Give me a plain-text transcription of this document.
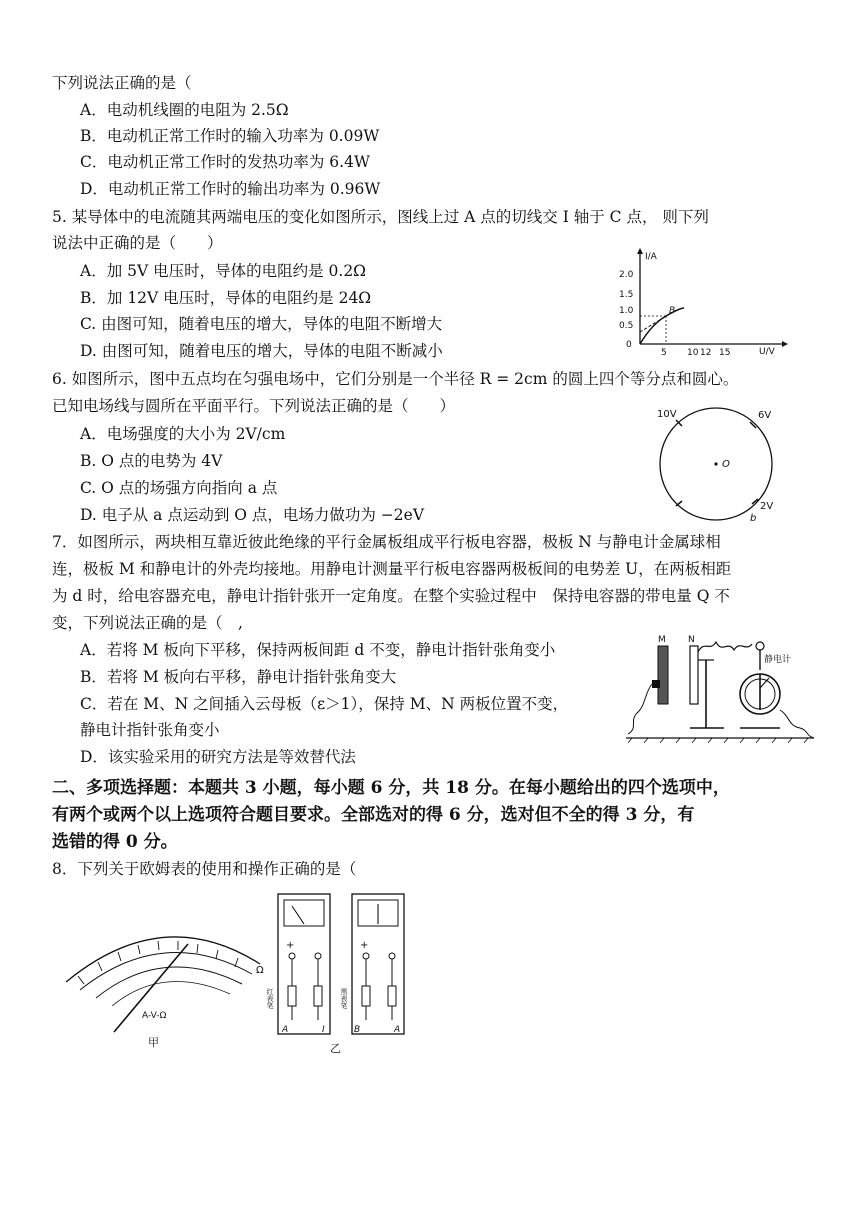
下列说法正确的是（
A．电动机线圈的电阻为 2.5Ω
B．电动机正常工作时的输入功率为 0.09W
C．电动机正常工作时的发热功率为 6.4W
D．电动机正常工作时的输出功率为 0.96W
5. 某导体中的电流随其两端电压的变化如图所示，图线上过 A 点的切线交 I 轴于 C 点， 则下列
说法中正确的是（　　）
A．加 5V 电压时，导体的电阻约是 0.2Ω
B．加 12V 电压时，导体的电阻约是 24Ω
C. 由图可知，随着电压的增大，导体的电阻不断增大
D. 由图可知，随着电压的增大，导体的电阻不断减小
I/A
U/V
2.0
1.5
1.0
0.5
0
5 10 12 15
B
6. 如图所示，图中五点均在匀强电场中，它们分别是一个半径 R = 2cm 的圆上四个等分点和圆心。
已知电场线与圆所在平面平行。下列说法正确的是（　　）
A．电场强度的大小为 2V/cm
B. O 点的电势为 4V
C. O 点的场强方向指向 a 点
D. 电子从 a 点运动到 O 点，电场力做功为 −2eV
10V	6V
2V
O
b
7．如图所示，两块相互靠近彼此绝缘的平行金属板组成平行板电容器，极板 N 与静电计金属球相
连，极板 M 和静电计的外壳均接地。用静电计测量平行板电容器两极板间的电势差 U，在两板相距
为 d 时，给电容器充电，静电计指针张开一定角度。在整个实验过程中　保持电容器的带电量 Q 不
变，下列说法正确的是（　,
A．若将 M 板向下平移，保持两板间距 d 不变，静电计指针张角变小
B．若将 M 板向右平移，静电计指针张角变大
C．若在 M、N 之间插入云母板（ε＞1），保持 M、N 两板位置不变，
静电计指针张角变小
D．该实验采用的研究方法是等效替代法
M N
静电计
二、多项选择题：本题共 3 小题，每小题 6 分，共 18 分。在每小题给出的四个选项中，
有两个或两个以上选项符合题目要求。全部选对的得 6 分，选对但不全的得 3 分，有
选错的得 0 分。
8．下列关于欧姆表的使用和操作正确的是（
Ω
A-V-Ω
甲
+
红表笔
A	I
+
黑表笔
B	A
乙
